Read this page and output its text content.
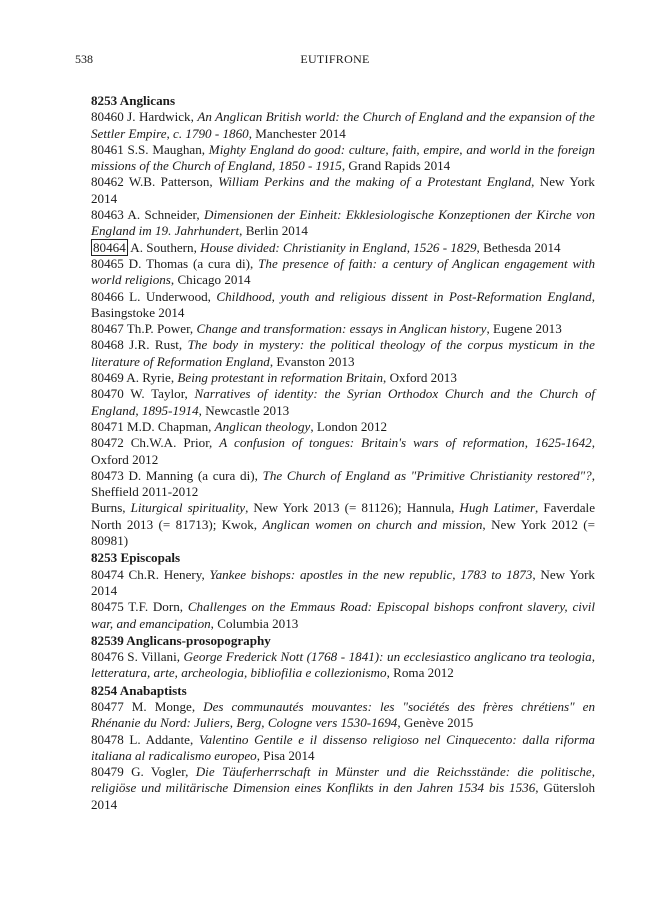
538	EUTIFRONE
8253 Anglicans
80460 J. Hardwick, An Anglican British world: the Church of England and the expansion of the Settler Empire, c. 1790 - 1860, Manchester 2014
80461 S.S. Maughan, Mighty England do good: culture, faith, empire, and world in the foreign missions of the Church of England, 1850 - 1915, Grand Rapids 2014
80462 W.B. Patterson, William Perkins and the making of a Protestant England, New York 2014
80463 A. Schneider, Dimensionen der Einheit: Ekklesiologische Konzeptionen der Kirche von England im 19. Jahrhundert, Berlin 2014
80464 A. Southern, House divided: Christianity in England, 1526 - 1829, Bethesda 2014
80465 D. Thomas (a cura di), The presence of faith: a century of Anglican engagement with world religions, Chicago 2014
80466 L. Underwood, Childhood, youth and religious dissent in Post-Reformation England, Basingstoke 2014
80467 Th.P. Power, Change and transformation: essays in Anglican history, Eugene 2013
80468 J.R. Rust, The body in mystery: the political theology of the corpus mysticum in the literature of Reformation England, Evanston 2013
80469 A. Ryrie, Being protestant in reformation Britain, Oxford 2013
80470 W. Taylor, Narratives of identity: the Syrian Orthodox Church and the Church of England, 1895-1914, Newcastle 2013
80471 M.D. Chapman, Anglican theology, London 2012
80472 Ch.W.A. Prior, A confusion of tongues: Britain's wars of reformation, 1625-1642, Oxford 2012
80473 D. Manning (a cura di), The Church of England as "Primitive Christianity restored"?, Sheffield 2011-2012
Burns, Liturgical spirituality, New York 2013 (= 81126); Hannula, Hugh Latimer, Faverdale North 2013 (= 81713); Kwok, Anglican women on church and mission, New York 2012 (= 80981)
8253 Episcopals
80474 Ch.R. Henery, Yankee bishops: apostles in the new republic, 1783 to 1873, New York 2014
80475 T.F. Dorn, Challenges on the Emmaus Road: Episcopal bishops confront slavery, civil war, and emancipation, Columbia 2013
82539 Anglicans-prosopography
80476 S. Villani, George Frederick Nott (1768 - 1841): un ecclesiastico anglicano tra teologia, letteratura, arte, archeologia, bibliofilia e collezionismo, Roma 2012
8254 Anabaptists
80477 M. Monge, Des communautés mouvantes: les "sociétés des frères chrétiens" en Rhénanie du Nord: Juliers, Berg, Cologne vers 1530-1694, Genève 2015
80478 L. Addante, Valentino Gentile e il dissenso religioso nel Cinquecento: dalla riforma italiana al radicalismo europeo, Pisa 2014
80479 G. Vogler, Die Täuferherrschaft in Münster und die Reichsstände: die politische, religiöse und militärische Dimension eines Konflikts in den Jahren 1534 bis 1536, Gütersloh 2014
